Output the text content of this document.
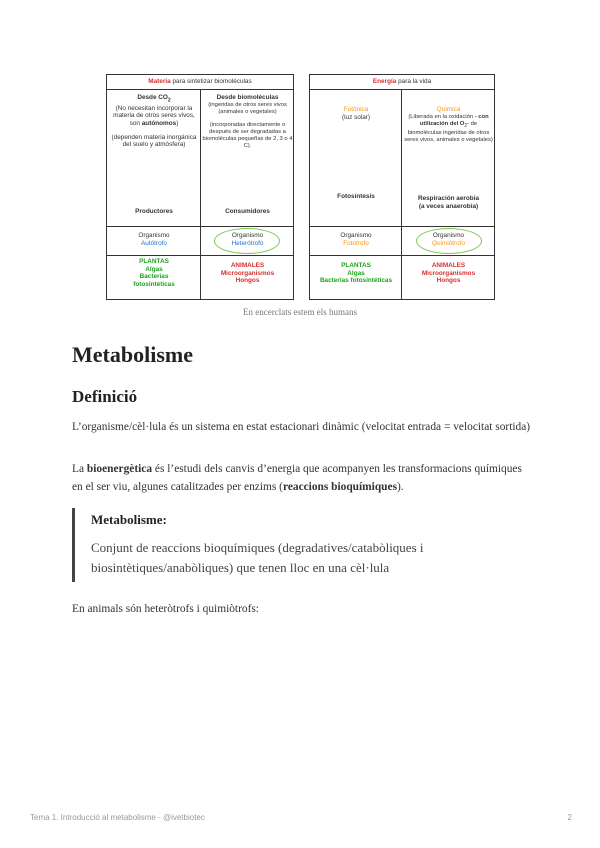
Materia para sintetizar biomoléculas
Desde $CO_2$
(No necesitan incorporar la materia de otros seres vivos, son autónomos)
(dependen materia inorgánica del suelo y atmósfera)
Productores
Desde biomoléculas
(ingeridas de otros seres vivos (animales o vegetales)
(incorporadas directamente o después de ser degradadas a biomoléculas pequeñas de 2, 3 o 4 C).
Consumidores
Organismo
Autótrofo
Organismo
Heterótrofo
PLANTAS
Algas
Bacterias
fotosintéticas
ANIMALES
Microorganismos
Hongos
Energía para la vida
Fotónica
(luz solar)
Fotosíntesis
Química
(Liberada en la oxidación - con utilización del $O_2-$ de biomoléculas ingeridas de otros seres vivos, animales o vegetales)
Respiración aerobia
(a veces anaerobia)
Organismo
Fototrofo
Organismo
Quimiótrofo
PLANTAS
Algas
Bacterias fotosintéticas
ANIMALES
Microorganismos
Hongos
En encerclats estem els humans
Metabolisme
Definició

L’organisme/cèl·lula és un sistema en estat estacionari dinàmic (velocitat entrada = velocitat sortida)

La bioenergètica és l’estudi dels canvis d’energia que acompanyen les transformacions químiques en el ser viu, algunes catalitzades per enzims (reaccions bioquímiques).

Metabolisme:
Conjunt de reaccions bioquímiques (degradatives/catabòliques i biosintètiques/anabòliques) que tenen lloc en una cèl·lula

En animals són heteròtrofs i quimiòtrofs:

Tema 1. Introducció al metabolisme - @ivetbiotec	2
